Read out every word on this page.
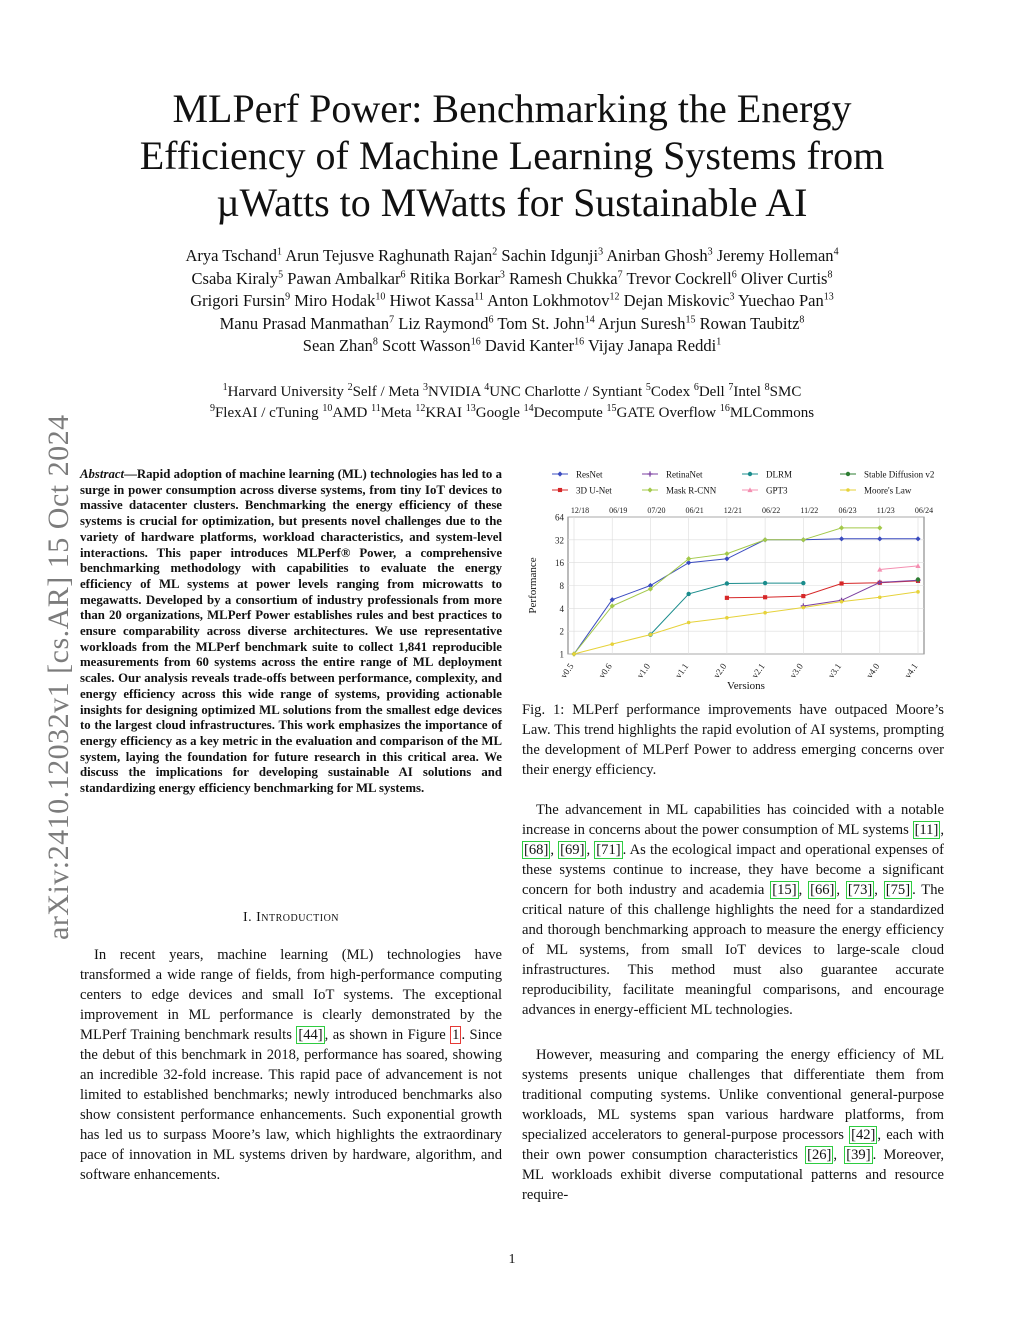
arXiv:2410.12032v1 [cs.AR] 15 Oct 2024
MLPerf Power: Benchmarking the Energy
Efficiency of Machine Learning Systems from
µWatts to MWatts for Sustainable AI
Arya Tschand$^1$ Arun Tejusve Raghunath Rajan$^2$ Sachin Idgunji$^3$ Anirban Ghosh$^3$ Jeremy Holleman$^4$
Csaba Kiraly$^5$ Pawan Ambalkar$^6$ Ritika Borkar$^3$ Ramesh Chukka$^7$ Trevor Cockrell$^6$ Oliver Curtis$^8$
Grigori Fursin$^9$ Miro Hodak$^{10}$ Hiwot Kassa$^{11}$ Anton Lokhmotov$^{12}$ Dejan Miskovic$^3$ Yuechao Pan$^{13}$
Manu Prasad Manmathan$^7$ Liz Raymond$^6$ Tom St. John$^{14}$ Arjun Suresh$^{15}$ Rowan Taubitz$^8$
Sean Zhan$^8$ Scott Wasson$^{16}$ David Kanter$^{16}$ Vijay Janapa Reddi$^1$
$^1$Harvard University $^2$Self / Meta $^3$NVIDIA $^4$UNC Charlotte / Syntiant $^5$Codex $^6$Dell $^7$Intel $^8$SMC
$^9$FlexAI / cTuning $^{10}$AMD $^{11}$Meta $^{12}$KRAI $^{13}$Google $^{14}$Decompute $^{15}$GATE Overflow $^{16}$MLCommons
Abstract—Rapid adoption of machine learning (ML) technologies has led to a surge in power consumption across diverse systems, from tiny IoT devices to massive datacenter clusters. Benchmarking the energy efficiency of these systems is crucial for optimization, but presents novel challenges due to the variety of hardware platforms, workload characteristics, and system-level interactions. This paper introduces MLPerf® Power, a comprehensive benchmarking methodology with capabilities to evaluate the energy efficiency of ML systems at power levels ranging from microwatts to megawatts. Developed by a consortium of industry professionals from more than 20 organizations, MLPerf Power establishes rules and best practices to ensure comparability across diverse architectures. We use representative workloads from the MLPerf benchmark suite to collect 1,841 reproducible measurements from 60 systems across the entire range of ML deployment scales. Our analysis reveals trade-offs between performance, complexity, and energy efficiency across this wide range of systems, providing actionable insights for designing optimized ML solutions from the smallest edge devices to the largest cloud infrastructures. This work emphasizes the importance of energy efficiency as a key metric in the evaluation and comparison of the ML system, laying the foundation for future research in this critical area. We discuss the implications for developing sustainable AI solutions and standardizing energy efficiency benchmarking for ML systems.
I. Introduction
In recent years, machine learning (ML) technologies have transformed a wide range of fields, from high-performance computing centers to edge devices and small IoT systems. The exceptional improvement in ML performance is clearly demonstrated by the MLPerf Training benchmark results [44] , as shown in Figure 1 . Since the debut of this benchmark in 2018, performance has soared, showing an incredible 32-fold increase. This rapid pace of advancement is not limited to established benchmarks; newly introduced benchmarks also show consistent performance enhancements. Such exponential growth has led us to surpass Moore’s law, which highlights the extraordinary pace of innovation in ML systems driven by hardware, algorithm, and software enhancements.
1
2
4
8
16
32
64
v0.5 v0.6 v1.0 v1.1 v2.0 v2.1 v3.0 v3.1 v4.0 v4.1
12/18 06/19 07/20 06/21 12/21 06/22	11/22	06/23	11/23	06/24
Versions
Performance
ResNet
3D U-Net
RetinaNet
Mask R-CNN
DLRM
GPT3
Stable Diffusion v2
Moore's Law
Fig. 1: MLPerf performance improvements have outpaced Moore’s Law. This trend highlights the rapid evolution of AI systems, prompting the development of MLPerf Power to address emerging concerns over their energy efficiency.
The advancement in ML capabilities has coincided with a notable increase in concerns about the power consumption of ML systems [11] , [68] , [69] , [71] . As the ecological impact and operational expenses of these systems continue to increase, they have become a significant concern for both industry and academia [15] , [66] , [73] , [75] . The critical nature of this challenge highlights the need for a standardized and thorough benchmarking approach to measure the energy efficiency of ML systems, from small IoT devices to large-scale cloud infrastructures. This method must also guarantee accurate reproducibility, facilitate meaningful comparisons, and encourage advances in energy-efficient ML technologies.
However, measuring and comparing the energy efficiency of ML systems presents unique challenges that differentiate them from traditional computing systems. Unlike conventional general-purpose workloads, ML systems span various hardware platforms, from specialized accelerators to general-purpose processors [42] , each with their own power consumption characteristics [26] , [39] . Moreover, ML workloads exhibit diverse computational patterns and resource require-
1
